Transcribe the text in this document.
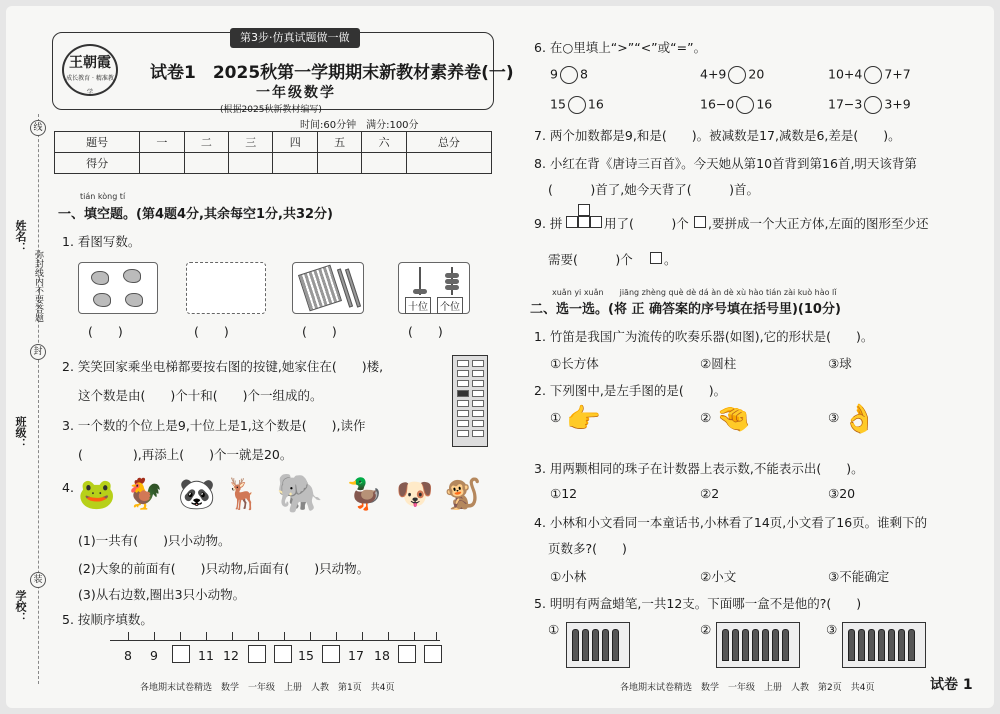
姓名：
班级：
学校：
弥封线内不要答题
线
封
装
第3步·仿真试题做一做
王朝霞
成长教育 · 精准教学
试卷1　2025秋第一学期期末新教材素养卷(一)
一年级数学
(根据2025秋新教材编写)
时间:60分钟　满分:100分
题号	一	二	三	四	五	六	总分
得分							
tián kòng tí
一、填空题。(第4题4分,其余每空1分,共32分)
1. 看图写数。
十位	个位
(　　)	(　　)	(　　)	(　　)
2. 笑笑回家乘坐电梯都要按右图的按键,她家住在(　　)楼,
这个数是由(　　)个十和(　　)个一组成的。
3. 一个数的个位上是9,十位上是1,这个数是(　　),读作
(　　　　),再添上(　　)个一就是20。
4. 🐸 🐓 🐼 🦌 🐘 🦆 🐶 🐒
(1)一共有(　　)只小动物。
(2)大象的前面有(　　)只动物,后面有(　　)只动物。
(3)从右边数,圈出3只小动物。
5. 按顺序填数。
8 9	11 12	15	17 18
各地期末试卷精选　数学　一年级　上册　人教　第1页　共4页
6. 在○里填上“>”“<”或“=”。
9 8	4+9 20	10+4 7+7
15 16	16−0 16	17−3 3+9
7. 两个加数都是9,和是(　　)。被减数是17,减数是6,差是(　　)。
8. 小红在背《唐诗三百首》。今天她从第10首背到第16首,明天该背第
(　　　)首了,她今天背了(　　　)首。
9. 拼	用了(　　　)个 ,要拼成一个大正方体,左面的图形至少还
需要(　　　)个 。
xuǎn yi xuǎn　　jiāng zhèng què dè dá àn dè xù hào tián zài kuò hào lǐ
二、选一选。(将 正 确答案的序号填在括号里)(10分)
1. 竹笛是我国广为流传的吹奏乐器(如图),它的形状是(　　)。
①长方体	②圆柱	③球
2. 下列图中,是左手图的是(　　)。
① 👉	② 🤏	③ 👌
3. 用两颗相同的珠子在计数器上表示数,不能表示出(　　)。
①12	②2	③20
4. 小林和小文看同一本童话书,小林看了14页,小文看了16页。谁剩下的
页数多?(　　)
①小林	②小文	③不能确定
5. 明明有两盒蜡笔,一共12支。下面哪一盒不是他的?(　　)
①	②	③
各地期末试卷精选　数学　一年级　上册　人教　第2页　共4页	试卷 1
